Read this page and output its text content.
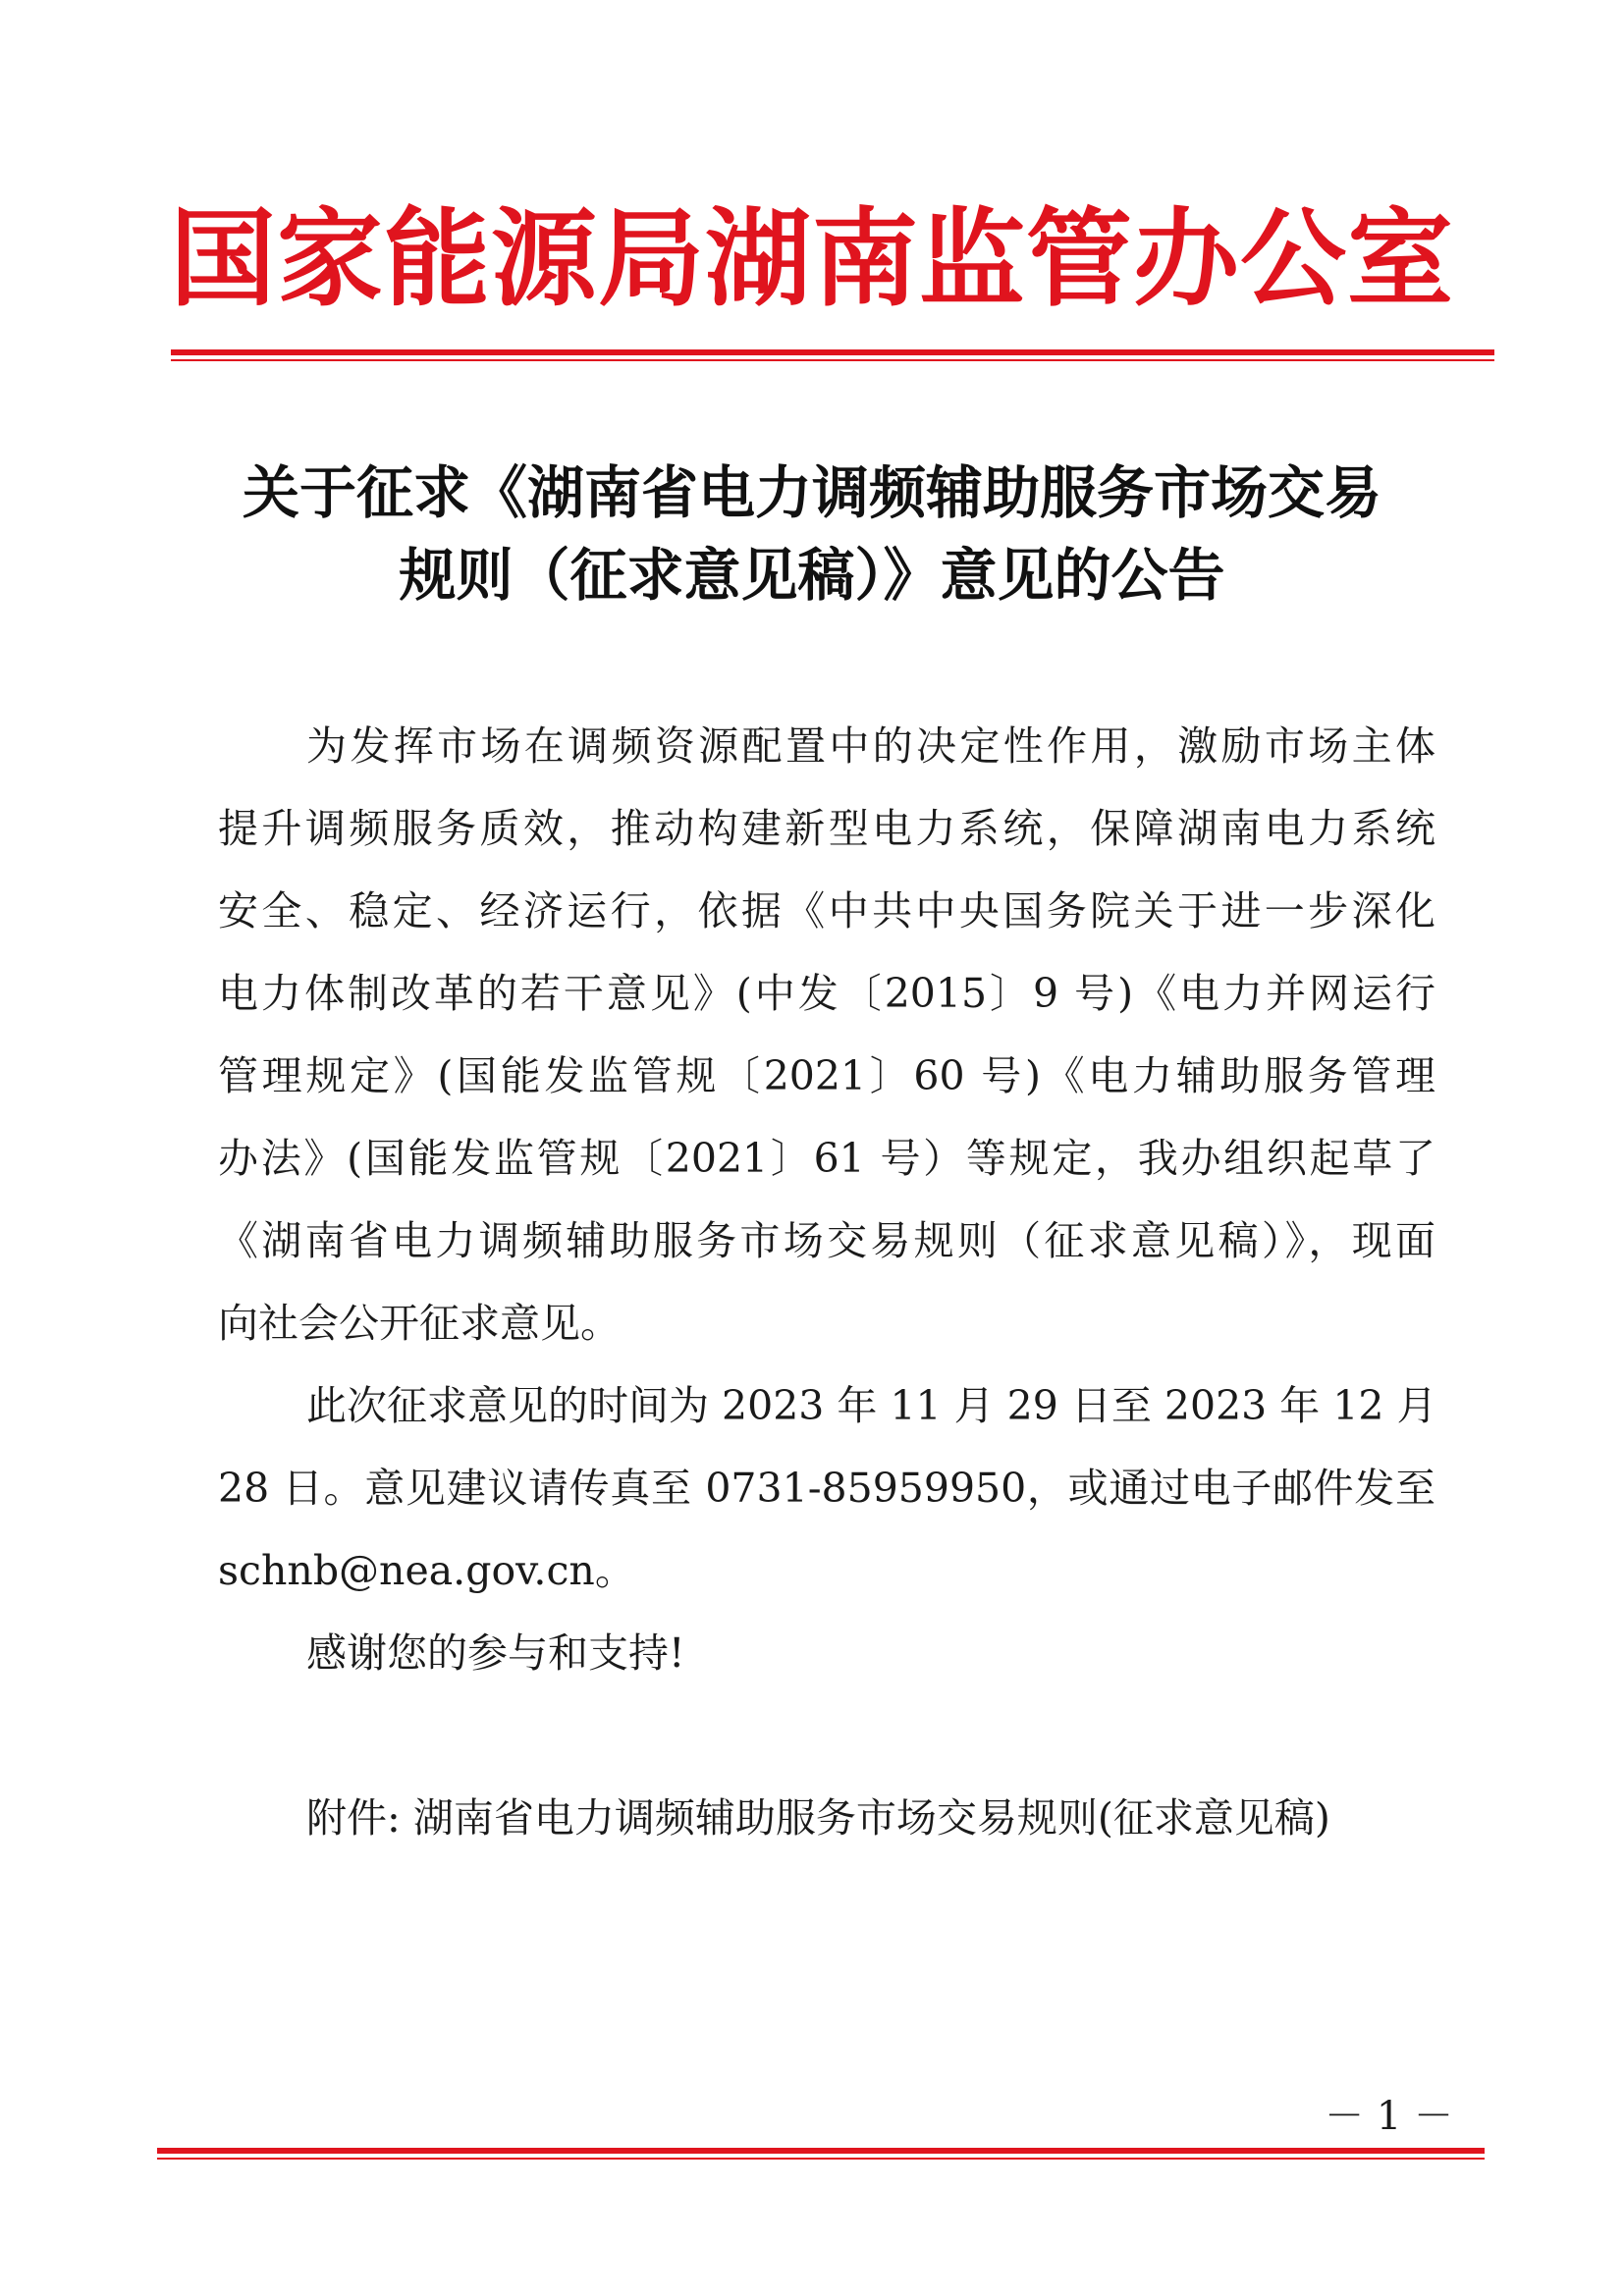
国家能源局湖南监管办公室
关于征求《湖南省电力调频辅助服务市场交易
规则（征求意见稿）》意见的公告
为发挥市场在调频资源配置中的决定性作用，激励市场主体
提升调频服务质效，推动构建新型电力系统，保障湖南电力系统
安全、稳定、经济运行，依据《中共中央国务院关于进一步深化
电力体制改革的若干意见》(中发〔2015〕9 号)《电力并网运行
管理规定》(国能发监管规〔2021〕60 号)《电力辅助服务管理
办法》(国能发监管规〔2021〕61 号）等规定，我办组织起草了
《湖南省电力调频辅助服务市场交易规则（征求意见稿）》，现面
向社会公开征求意见。
此次征求意见的时间为 2023 年 11 月 29 日至 2023 年 12 月
28 日。意见建议请传真至 0731-85959950，或通过电子邮件发至
schnb@nea.gov.cn。
感谢您的参与和支持!
附件: 湖南省电力调频辅助服务市场交易规则(征求意见稿)
－ 1 －
